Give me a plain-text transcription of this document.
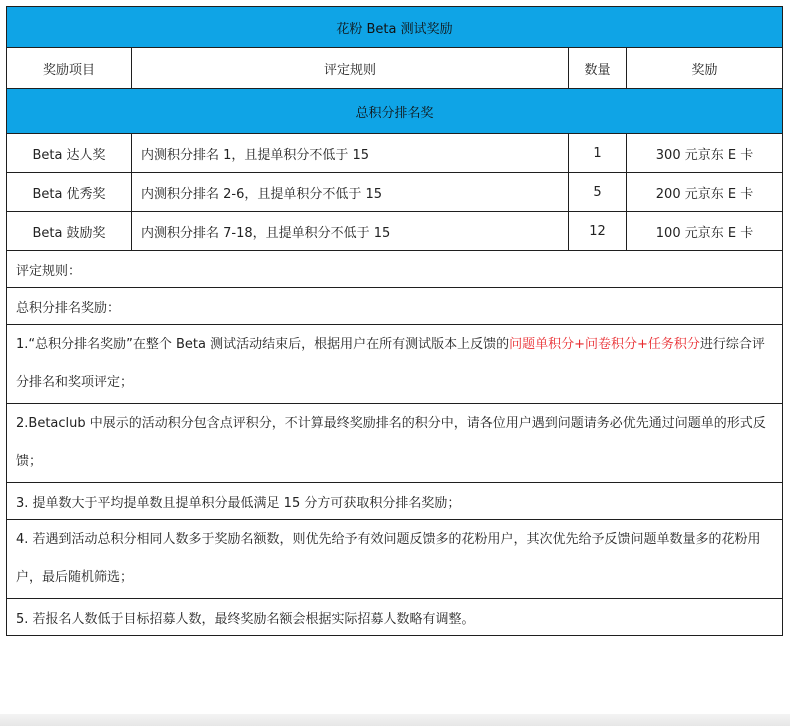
花粉 Beta 测试奖励			
奖励项目	评定规则	数量	奖励
总积分排名奖			
Beta 达人奖	内测积分排名 1，且提单积分不低于 15	1	300 元京东 E 卡
Beta 优秀奖	内测积分排名 2-6，且提单积分不低于 15	5	200 元京东 E 卡
Beta 鼓励奖	内测积分排名 7-18，且提单积分不低于 15	12	100 元京东 E 卡
评定规则：			
总积分排名奖励：			
1.“总积分排名奖励”在整个 Beta 测试活动结束后，根据用户在所有测试版本上反馈的问题单积分+问卷积分+任务积分进行综合评分排名和奖项评定；			
2.Betaclub 中展示的活动积分包含点评积分，不计算最终奖励排名的积分中，请各位用户遇到问题请务必优先通过问题单的形式反馈；			
3. 提单数大于平均提单数且提单积分最低满足 15 分方可获取积分排名奖励；			
4. 若遇到活动总积分相同人数多于奖励名额数，则优先给予有效问题反馈多的花粉用户，其次优先给予反馈问题单数量多的花粉用户，最后随机筛选；			
5. 若报名人数低于目标招募人数，最终奖励名额会根据实际招募人数略有调整。			
